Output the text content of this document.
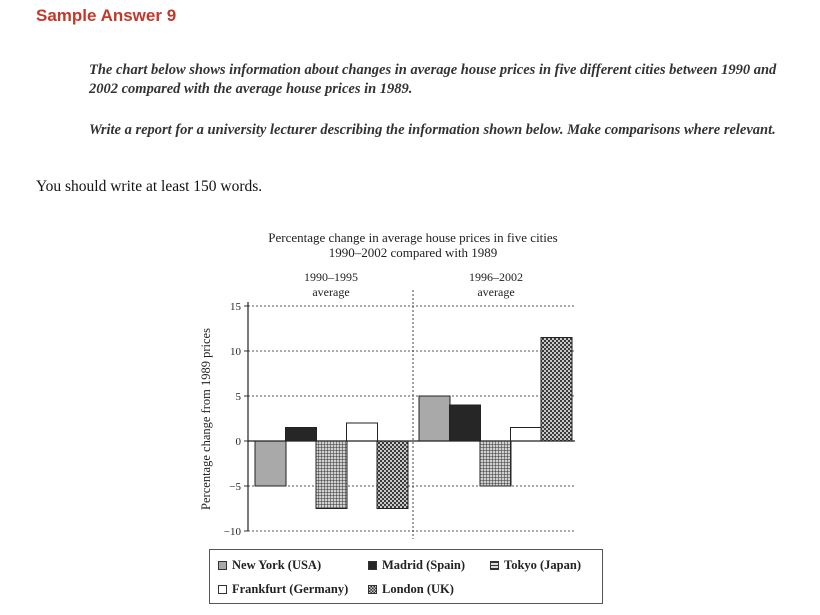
Sample Answer 9
The chart below shows information about changes in average house prices in five different cities between 1990 and 2002 compared with the average house prices in 1989.
Write a report for a university lecturer describing the information shown below. Make comparisons where relevant.
You should write at least 150 words.
Percentage change in average house prices in five cities
1990–2002 compared with 1989
1990–1995
average
1996–2002
average
Percentage change from 1989 prices
15
10
5
0
−5
−10
New York (USA)	Madrid (Spain)	Tokyo (Japan)
Frankfurt (Germany)	London (UK)
